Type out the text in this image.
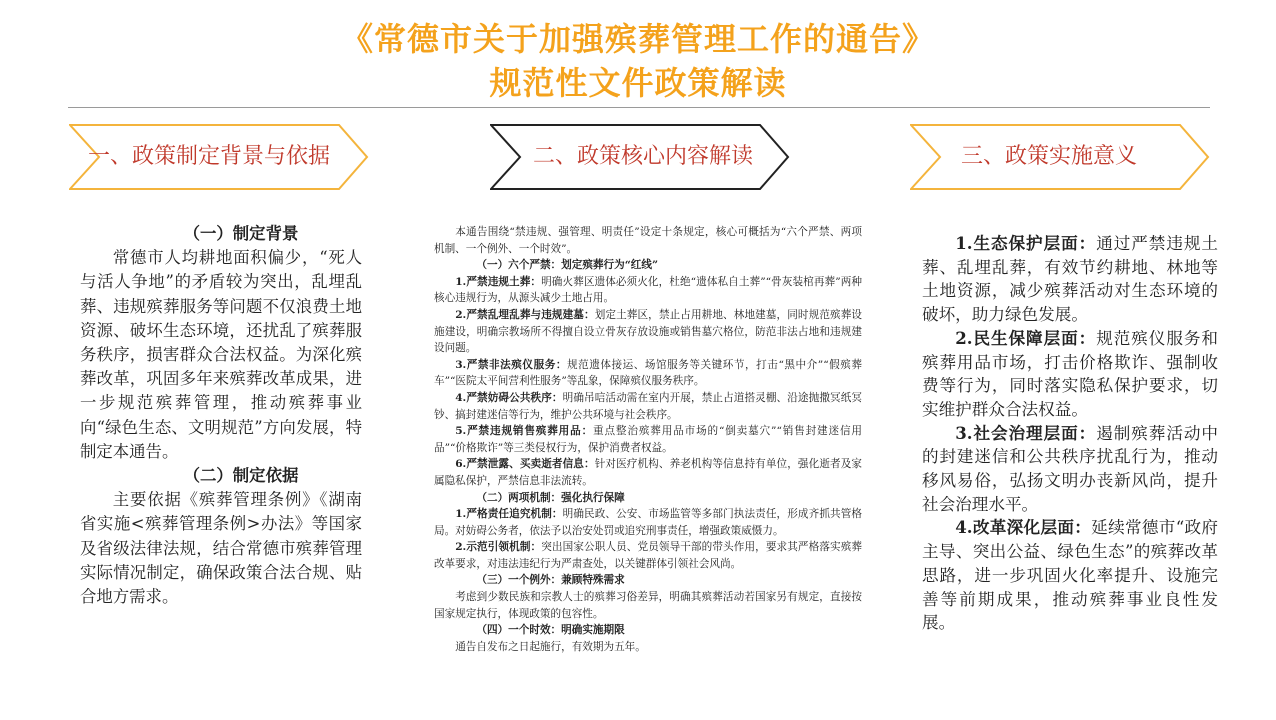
《常德市关于加强殡葬管理工作的通告》
规范性文件政策解读
一、政策制定背景与依据	二、政策核心内容解读	三、政策实施意义
（一）制定背景

常德市人均耕地面积偏少，“死人与活人争地”的矛盾较为突出，乱埋乱葬、违规殡葬服务等问题不仅浪费土地资源、破坏生态环境，还扰乱了殡葬服务秩序，损害群众合法权益。为深化殡葬改革，巩固多年来殡葬改革成果，进一步规范殡葬管理，推动殡葬事业向“绿色生态、文明规范”方向发展，特制定本通告。

（二）制定依据

主要依据《殡葬管理条例》《湖南省实施<殡葬管理条例>办法》等国家及省级法律法规，结合常德市殡葬管理实际情况制定，确保政策合法合规、贴合地方需求。

本通告围绕“禁违规、强管理、明责任”设定十条规定，核心可概括为“六个严禁、两项机制、一个例外、一个时效”。

（一）六个严禁：划定殡葬行为“红线”

1.严禁违规土葬：明确火葬区遗体必须火化，杜绝“遗体私自土葬”“骨灰装棺再葬”两种核心违规行为，从源头减少土地占用。

2.严禁乱埋乱葬与违规建墓：划定土葬区，禁止占用耕地、林地建墓，同时规范殡葬设施建设，明确宗教场所不得擅自设立骨灰存放设施或销售墓穴格位，防范非法占地和违规建设问题。

3.严禁非法殡仪服务：规范遗体接运、场馆服务等关键环节，打击“黑中介”“假殡葬车”“医院太平间营利性服务”等乱象，保障殡仪服务秩序。

4.严禁妨碍公共秩序：明确吊唁活动需在室内开展，禁止占道搭灵棚、沿途抛撒冥纸冥钞、搞封建迷信等行为，维护公共环境与社会秩序。

5.严禁违规销售殡葬用品：重点整治殡葬用品市场的“倒卖墓穴”“销售封建迷信用品”“价格欺诈”等三类侵权行为，保护消费者权益。

6.严禁泄露、买卖逝者信息：针对医疗机构、养老机构等信息持有单位，强化逝者及家属隐私保护，严禁信息非法流转。

（二）两项机制：强化执行保障

1.严格责任追究机制：明确民政、公安、市场监管等多部门执法责任，形成齐抓共管格局。对妨碍公务者，依法予以治安处罚或追究刑事责任，增强政策威慑力。

2.示范引领机制：突出国家公职人员、党员领导干部的带头作用，要求其严格落实殡葬改革要求，对违法违纪行为严肃查处，以关键群体引领社会风尚。

（三）一个例外：兼顾特殊需求

考虑到少数民族和宗教人士的殡葬习俗差异，明确其殡葬活动若国家另有规定，直接按国家规定执行，体现政策的包容性。

（四）一个时效：明确实施期限

通告自发布之日起施行，有效期为五年。

1.生态保护层面：通过严禁违规土葬、乱埋乱葬，有效节约耕地、林地等土地资源，减少殡葬活动对生态环境的破坏，助力绿色发展。

2.民生保障层面：规范殡仪服务和殡葬用品市场，打击价格欺诈、强制收费等行为，同时落实隐私保护要求，切实维护群众合法权益。

3.社会治理层面：遏制殡葬活动中的封建迷信和公共秩序扰乱行为，推动移风易俗，弘扬文明办丧新风尚，提升社会治理水平。

4.改革深化层面：延续常德市“政府主导、突出公益、绿色生态”的殡葬改革思路，进一步巩固火化率提升、设施完善等前期成果，推动殡葬事业良性发展。
